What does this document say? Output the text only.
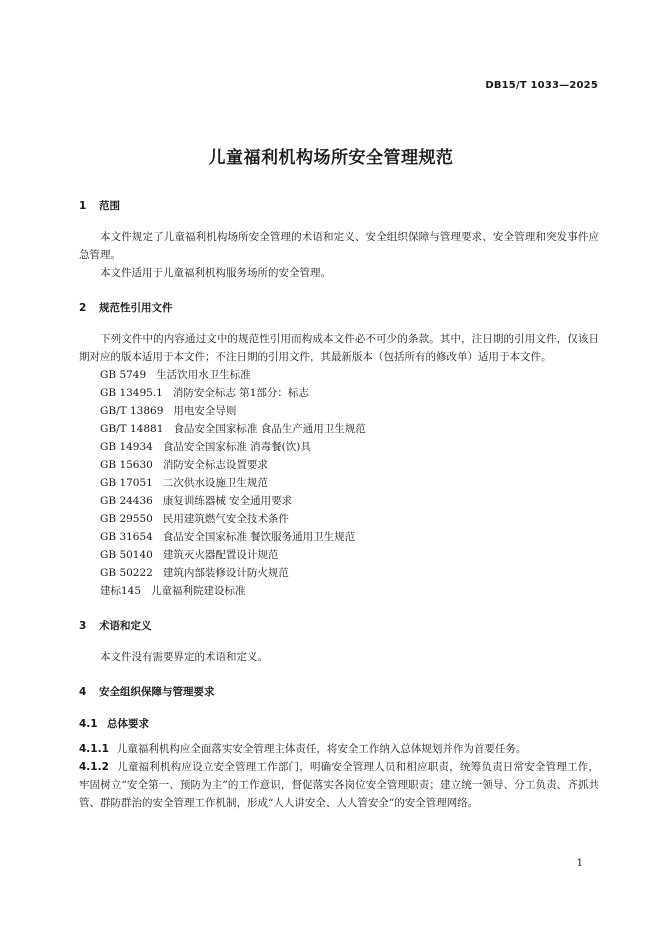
DB15/T 1033—2025
儿童福利机构场所安全管理规范
1 范围

本文件规定了儿童福利机构场所安全管理的术语和定义、安全组织保障与管理要求、安全管理和突发事件应急管理。

本文件适用于儿童福利机构服务场所的安全管理。

2 规范性引用文件

下列文件中的内容通过文中的规范性引用而构成本文件必不可少的条款。其中，注日期的引用文件，仅该日期对应的版本适用于本文件；不注日期的引用文件，其最新版本（包括所有的修改单）适用于本文件。

GB 5749 生活饮用水卫生标准
GB 13495.1 消防安全标志 第1部分：标志
GB/T 13869 用电安全导则
GB/T 14881 食品安全国家标准 食品生产通用卫生规范
GB 14934 食品安全国家标准 消毒餐(饮)具
GB 15630 消防安全标志设置要求
GB 17051 二次供水设施卫生规范
GB 24436 康复训练器械 安全通用要求
GB 29550 民用建筑燃气安全技术条件
GB 31654 食品安全国家标准 餐饮服务通用卫生规范
GB 50140 建筑灭火器配置设计规范
GB 50222 建筑内部装修设计防火规范
建标145 儿童福利院建设标准
3 术语和定义

本文件没有需要界定的术语和定义。

4 安全组织保障与管理要求
4.1 总体要求

4.1.1 儿童福利机构应全面落实安全管理主体责任，将安全工作纳入总体规划并作为首要任务。

4.1.2 儿童福利机构应设立安全管理工作部门，明确安全管理人员和相应职责，统筹负责日常安全管理工作，牢固树立“安全第一、预防为主”的工作意识，督促落实各岗位安全管理职责；建立统一领导、分工负责、齐抓共管、群防群治的安全管理工作机制，形成“人人讲安全、人人管安全”的安全管理网络。

1
